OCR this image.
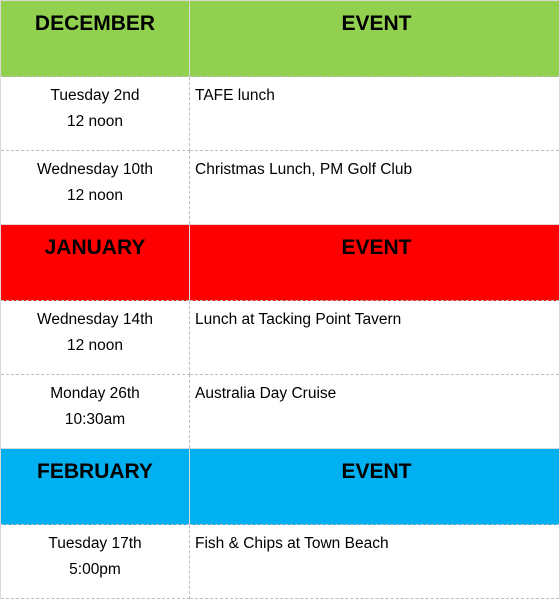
DECEMBER	EVENT

Tuesday 2nd
12 noon	TAFE lunch

Wednesday 10th
12 noon	Christmas Lunch, PM Golf Club

JANUARY	EVENT

Wednesday 14th
12 noon	Lunch at Tacking Point Tavern

Monday 26th
10:30am	Australia Day Cruise

FEBRUARY	EVENT

Tuesday 17th
5:00pm	Fish & Chips at Town Beach
